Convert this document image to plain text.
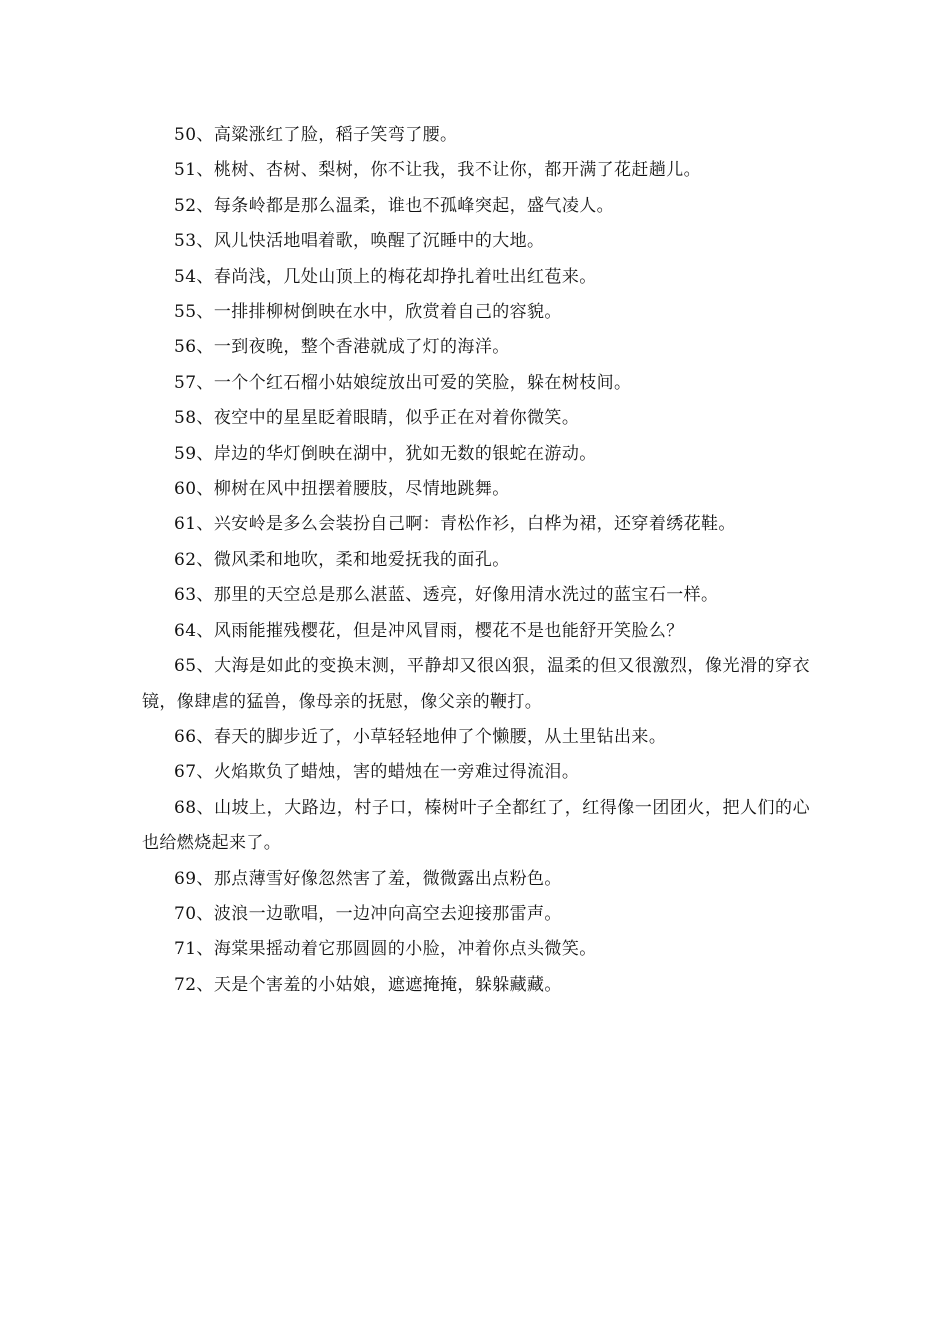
50、高粱涨红了脸，稻子笑弯了腰。

51、桃树、杏树、梨树，你不让我，我不让你，都开满了花赶趟儿。

52、每条岭都是那么温柔，谁也不孤峰突起，盛气凌人。

53、风儿快活地唱着歌，唤醒了沉睡中的大地。

54、春尚浅，几处山顶上的梅花却挣扎着吐出红苞来。

55、一排排柳树倒映在水中，欣赏着自己的容貌。

56、一到夜晚，整个香港就成了灯的海洋。

57、一个个红石榴小姑娘绽放出可爱的笑脸，躲在树枝间。

58、夜空中的星星眨着眼睛，似乎正在对着你微笑。

59、岸边的华灯倒映在湖中，犹如无数的银蛇在游动。

60、柳树在风中扭摆着腰肢，尽情地跳舞。

61、兴安岭是多么会装扮自己啊：青松作衫，白桦为裙，还穿着绣花鞋。

62、微风柔和地吹，柔和地爱抚我的面孔。

63、那里的天空总是那么湛蓝、透亮，好像用清水洗过的蓝宝石一样。

64、风雨能摧残樱花，但是冲风冒雨，樱花不是也能舒开笑脸么？

65、大海是如此的变换末测，平静却又很凶狠，温柔的但又很激烈，像光滑的穿衣镜，像肆虐的猛兽，像母亲的抚慰，像父亲的鞭打。

66、春天的脚步近了，小草轻轻地伸了个懒腰，从土里钻出来。

67、火焰欺负了蜡烛，害的蜡烛在一旁难过得流泪。

68、山坡上，大路边，村子口，榛树叶子全都红了，红得像一团团火，把人们的心也给燃烧起来了。

69、那点薄雪好像忽然害了羞，微微露出点粉色。

70、波浪一边歌唱，一边冲向高空去迎接那雷声。

71、海棠果摇动着它那圆圆的小脸，冲着你点头微笑。

72、天是个害羞的小姑娘，遮遮掩掩，躲躲藏藏。
